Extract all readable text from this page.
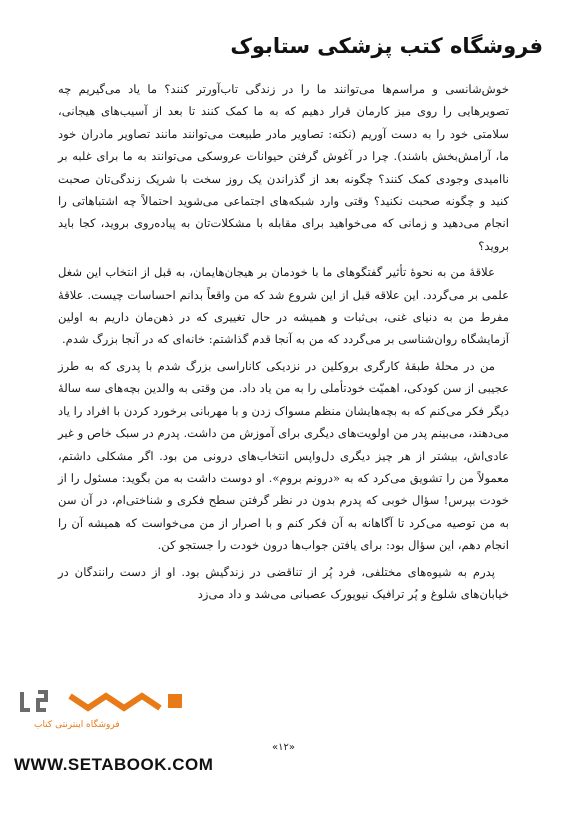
فروشگاه کتب پزشکی ستابوک

خوش‌شانسی و مراسم‌ها می‌توانند ما را در زندگی تاب‌آورتر کنند؟ ما یاد می‌گیریم چه تصویرهایی را روی میز کارمان قرار دهیم که به ما کمک کنند تا بعد از آسیب‌های هیجانی، سلامتی خود را به دست آوریم (نکته: تصاویر مادر طبیعت می‌توانند مانند تصاویر مادران خود ما، آرامش‌بخش باشند). چرا در آغوش گرفتن حیوانات عروسکی می‌توانند به ما برای غلبه بر ناامیدی وجودی کمک کنند؟ چگونه بعد از گذراندن یک روز سخت با شریک زندگی‌تان صحبت کنید و چگونه صحبت نکنید؟ وقتی وارد شبکه‌های اجتماعی می‌شوید احتمالاً چه اشتباهاتی را انجام می‌دهید و زمانی که می‌خواهید برای مقابله با مشکلات‌تان به پیاده‌روی بروید، کجا باید بروید؟

علاقهٔ من به نحوهٔ تأثیر گفتگوهای ما با خودمان بر هیجان‌هایمان، به قبل از انتخاب این شغل علمی بر می‌گردد. این علاقه قبل از این شروع شد که من واقعاً بدانم احساسات چیست. علاقهٔ مفرط من به دنیای غنی، بی‌ثبات و همیشه در حال تغییری که در ذهن‌مان داریم به اولین آزمایشگاه روان‌شناسی بر می‌گردد که من به آنجا قدم گذاشتم: خانه‌ای که در آنجا بزرگ شدم.

من در محلهٔ طبقهٔ کارگری بروکلین در نزدیکی کاناراسی بزرگ شدم با پدری که به طرز عجیبی از سن کودکی، اهمیّت خودتأملی را به من یاد داد. من وقتی به والدین بچه‌های سه سالهٔ دیگر فکر می‌کنم که به بچه‌هایشان منظم مسواک زدن و با مهربانی برخورد کردن با افراد را یاد می‌دهند، می‌بینم پدر من اولویت‌های دیگری برای آموزش من داشت. پدرم در سبک خاص و غیر عادی‌اش، بیشتر از هر چیز دیگری دل‌واپس انتخاب‌های درونی من بود. اگر مشکلی داشتم، معمولاً من را تشویق می‌کرد که به «درونم بروم». او دوست داشت به من بگوید: مسئول را از خودت بپرس! سؤال خوبی که پدرم بدون در نظر گرفتن سطح فکری و شناختی‌ام، در آن سن به من توصیه می‌کرد تا آگاهانه به آن فکر کنم و با اصرار از من می‌خواست که همیشه آن را انجام دهم، این سؤال بود: برای یافتن جواب‌ها درون خودت را جستجو کن.

پدرم به شیوه‌های مختلفی، فرد پُر از تناقضی در زندگیش بود. او از دست رانندگان در خیابان‌های شلوغ و پُر ترافیک نیویورک عصبانی می‌شد و داد می‌زد

«۱۲»
فروشگاه اینترنتی کتاب
WWW.SETABOOK.COM
